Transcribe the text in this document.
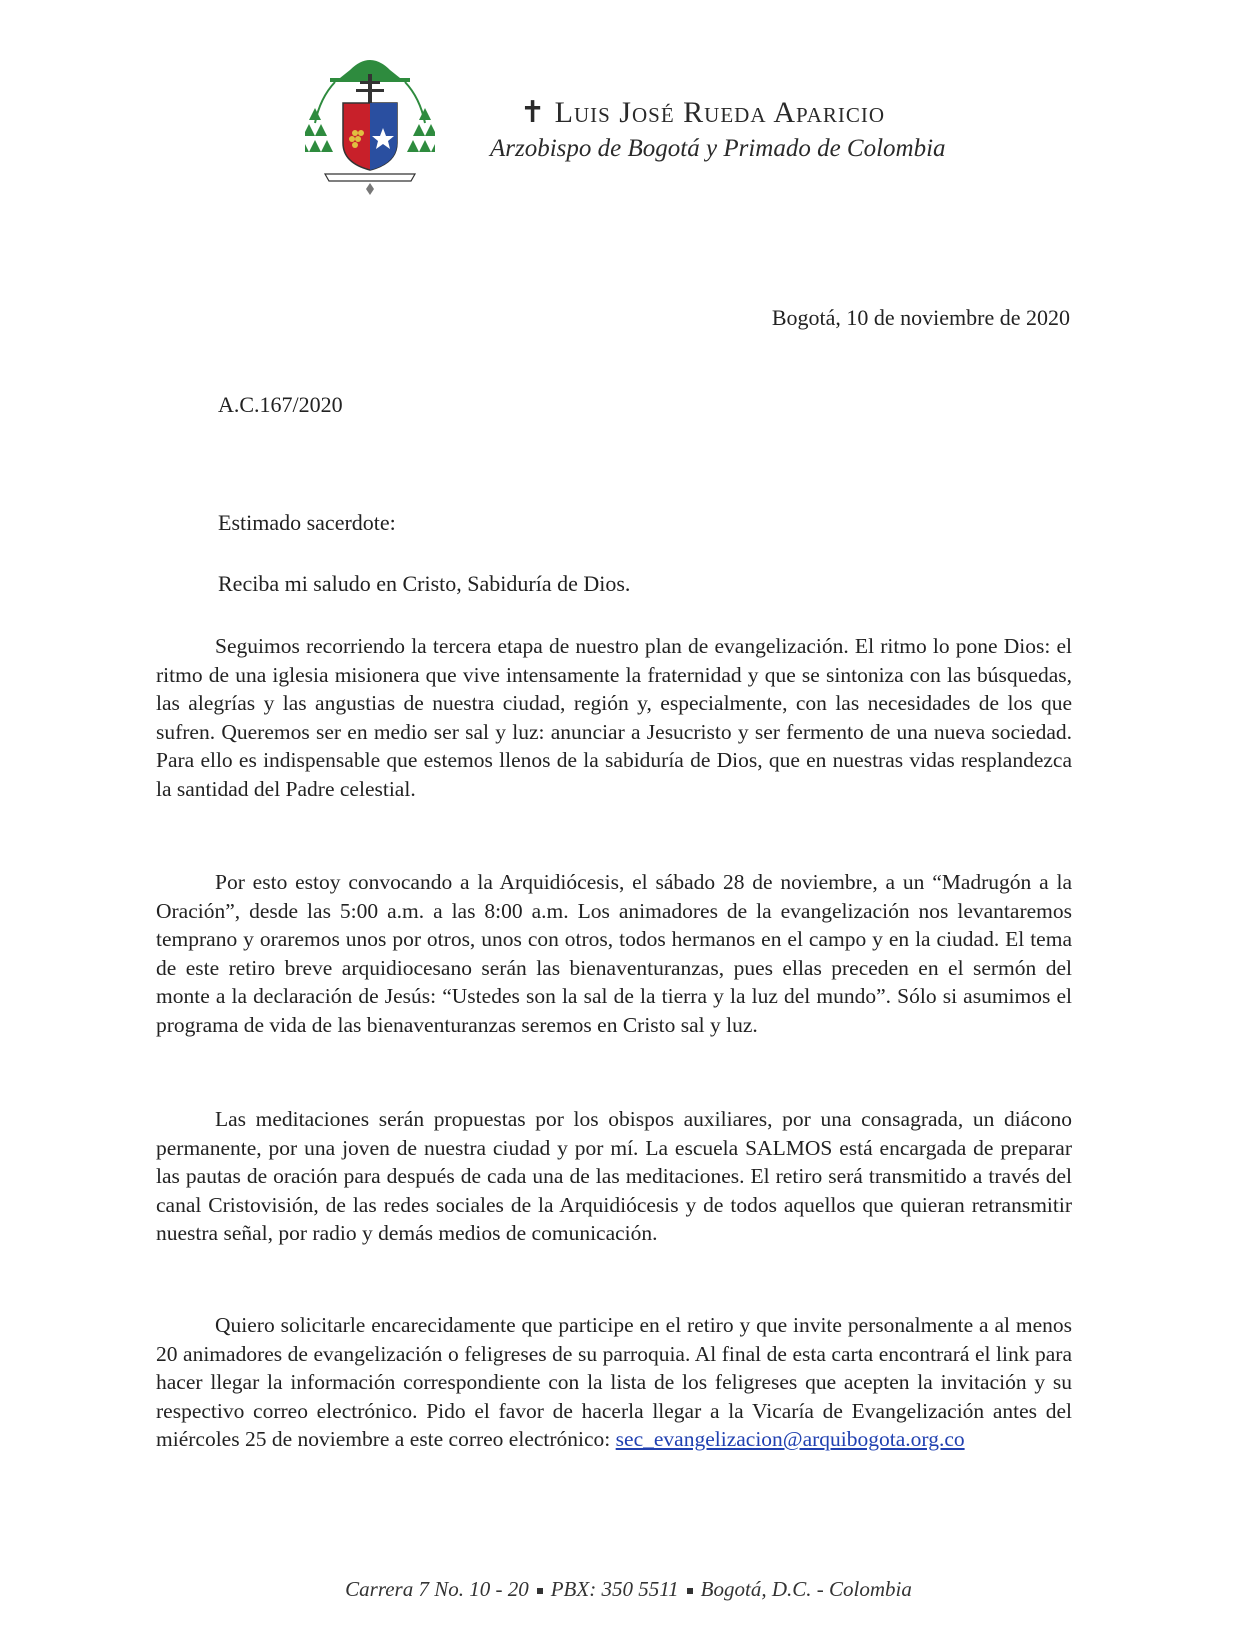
✝ Luis José Rueda Aparicio
Arzobispo de Bogotá y Primado de Colombia
Bogotá, 10 de noviembre de 2020
A.C.167/2020
Estimado sacerdote:
Reciba mi saludo en Cristo, Sabiduría de Dios.

Seguimos recorriendo la tercera etapa de nuestro plan de evangelización. El ritmo lo pone Dios: el ritmo de una iglesia misionera que vive intensamente la fraternidad y que se sintoniza con las búsquedas, las alegrías y las angustias de nuestra ciudad, región y, especialmente, con las necesidades de los que sufren. Queremos ser en medio ser sal y luz: anunciar a Jesucristo y ser fermento de una nueva sociedad. Para ello es indispensable que estemos llenos de la sabiduría de Dios, que en nuestras vidas resplandezca la santidad del Padre celestial.

Por esto estoy convocando a la Arquidiócesis, el sábado 28 de noviembre, a un “Madrugón a la Oración”, desde las 5:00 a.m. a las 8:00 a.m. Los animadores de la evangelización nos levantaremos temprano y oraremos unos por otros, unos con otros, todos hermanos en el campo y en la ciudad. El tema de este retiro breve arquidiocesano serán las bienaventuranzas, pues ellas preceden en el sermón del monte a la declaración de Jesús: “Ustedes son la sal de la tierra y la luz del mundo”. Sólo si asumimos el programa de vida de las bienaventuranzas seremos en Cristo sal y luz.

Las meditaciones serán propuestas por los obispos auxiliares, por una consagrada, un diácono permanente, por una joven de nuestra ciudad y por mí. La escuela SALMOS está encargada de preparar las pautas de oración para después de cada una de las meditaciones. El retiro será transmitido a través del canal Cristovisión, de las redes sociales de la Arquidiócesis y de todos aquellos que quieran retransmitir nuestra señal, por radio y demás medios de comunicación.

Quiero solicitarle encarecidamente que participe en el retiro y que invite personalmente a al menos 20 animadores de evangelización o feligreses de su parroquia. Al final de esta carta encontrará el link para hacer llegar la información correspondiente con la lista de los feligreses que acepten la invitación y su respectivo correo electrónico. Pido el favor de hacerla llegar a la Vicaría de Evangelización antes del miércoles 25 de noviembre a este correo electrónico: sec_evangelizacion@arquibogota.org.co

Carrera 7 No. 10 - 20 PBX: 350 5511 Bogotá, D.C. - Colombia
